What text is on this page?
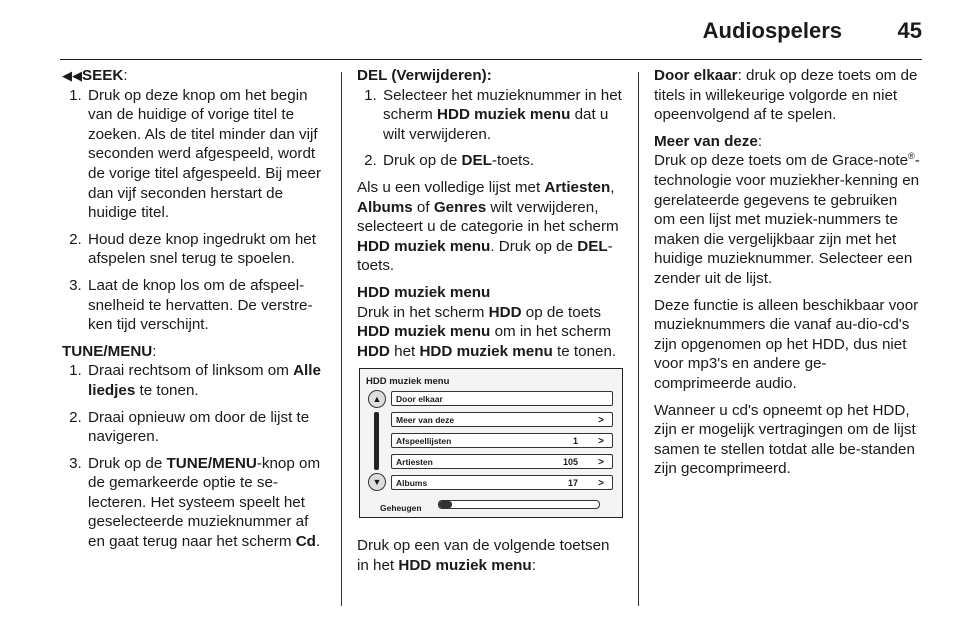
Audiospelers	45

◀◀SEEK:

1. Druk op deze knop om het begin van de huidige of vorige titel te zoeken. Als de titel minder dan vijf seconden werd afgespeeld, wordt de vorige titel afgespeeld. Bij meer dan vijf seconden herstart de huidige titel.
2. Houd deze knop ingedrukt om het afspelen snel terug te spoelen.
3. Laat de knop los om de afspeel-snelheid te hervatten. De verstre-ken tijd verschijnt.

TUNE/MENU:

1. Draai rechtsom of linksom om Alle liedjes te tonen.
2. Draai opnieuw om door de lijst te navigeren.
3. Druk op de TUNE/MENU-knop om de gemarkeerde optie te se-lecteren. Het systeem speelt het geselecteerde muzieknummer af en gaat terug naar het scherm Cd.

DEL (Verwijderen):

1. Selecteer het muzieknummer in het scherm HDD muziek menu dat u wilt verwijderen.
2. Druk op de DEL-toets.

Als u een volledige lijst met Artiesten, Albums of Genres wilt verwijderen, selecteert u de categorie in het scherm HDD muziek menu. Druk op de DEL-toets.

HDD muziek menu

Druk in het scherm HDD op de toets HDD muziek menu om in het scherm HDD het HDD muziek menu te tonen.

HDD muziek menu
▲
▼
Door elkaar
Meer van deze	>
Afspeellijsten	1 >
Artiesten	105 >
Albums	17 >
Geheugen

Druk op een van de volgende toetsen in het HDD muziek menu:

Door elkaar: druk op deze toets om de titels in willekeurige volgorde en niet opeenvolgend af te spelen.

Meer van deze:

Druk op deze toets om de Grace-note®-technologie voor muziekher-kenning en gerelateerde gegevens te gebruiken om een lijst met muziek-nummers te maken die vergelijkbaar zijn met het huidige muzieknummer. Selecteer een zender uit de lijst.

Deze functie is alleen beschikbaar voor muzieknummers die vanaf au-dio-cd's zijn opgenomen op het HDD, dus niet voor mp3's en andere ge-comprimeerde audio.

Wanneer u cd's opneemt op het HDD, zijn er mogelijk vertragingen om de lijst samen te stellen totdat alle be-standen zijn gecomprimeerd.
